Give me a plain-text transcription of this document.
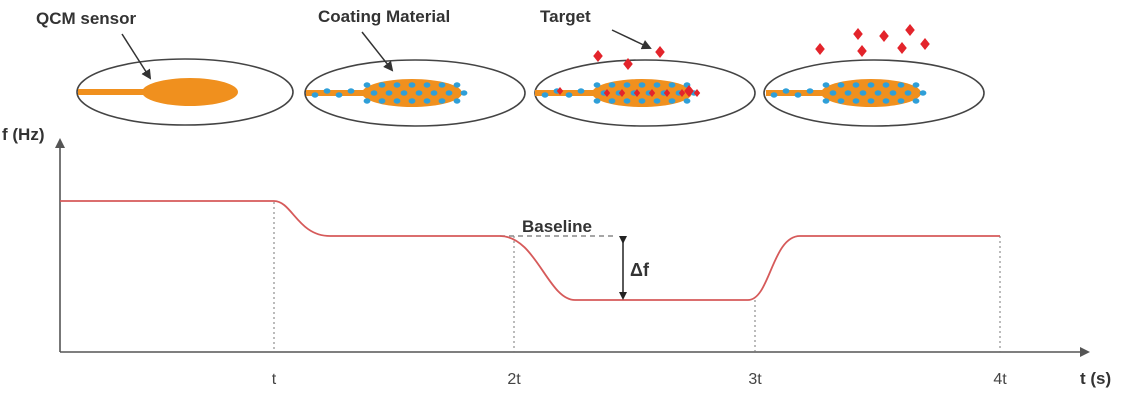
QCM sensor	Coating Material	Target
f (Hz)
t (s)
t	2t	3t	4t
Baseline
Δf
